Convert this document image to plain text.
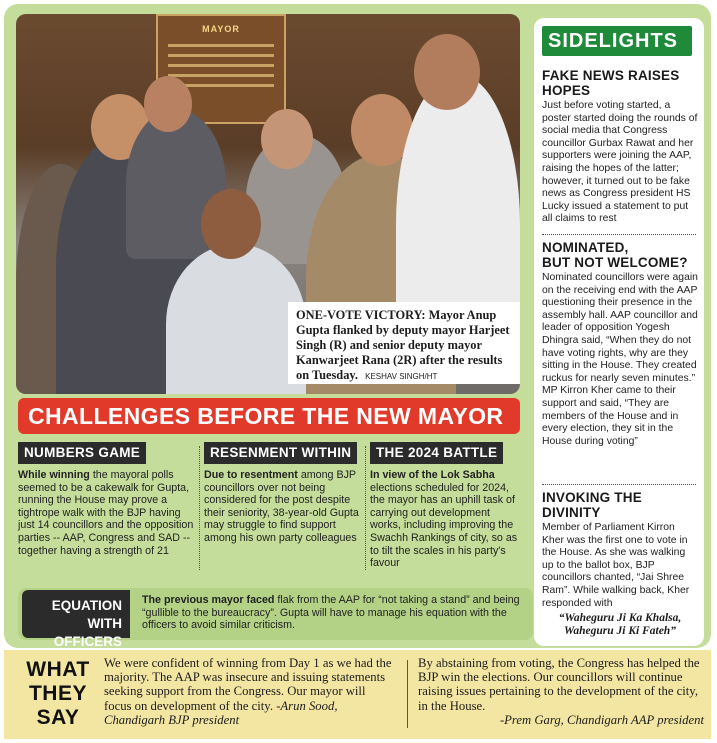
MAYOR
ONE-VOTE VICTORY: Mayor Anup Gupta flanked by deputy mayor Harjeet Singh (R) and senior deputy mayor Kanwarjeet Rana (2R) after the results on Tuesday. KESHAV SINGH/HT
SIDELIGHTS
FAKE NEWS RAISES HOPES
Just before voting started, a poster started doing the rounds of social media that Congress councillor Gurbax Rawat and her supporters were joining the AAP, raising the hopes of the latter; however, it turned out to be fake news as Congress president HS Lucky issued a statement to put all claims to rest
NOMINATED,
BUT NOT WELCOME?
Nominated councillors were again on the receiving end with the AAP questioning their presence in the assembly hall. AAP councillor and leader of opposition Yogesh Dhingra said, “When they do not have voting rights, why are they sitting in the House. They created ruckus for nearly seven minutes.” MP Kirron Kher came to their support and said, “They are members of the House and in every election, they sit in the House during voting”
INVOKING THE DIVINITY
Member of Parliament Kirron Kher was the first one to vote in the House. As she was walking up to the ballot box, BJP councillors chanted, “Jai Shree Ram”. While walking back, Kher responded with
“Waheguru Ji Ka Khalsa, Waheguru Ji Ki Fateh”
CHALLENGES BEFORE THE NEW MAYOR
NUMBERS GAME
While winning the mayoral polls seemed to be a cakewalk for Gupta, running the House may prove a tightrope walk with the BJP having just 14 councillors and the opposition parties -- AAP, Congress and SAD -- together having a strength of 21
RESENMENT WITHIN
Due to resentment among BJP councillors over not being considered for the post despite their seniority, 38-year-old Gupta may struggle to find support among his own party colleagues
THE 2024 BATTLE
In view of the Lok Sabha elections scheduled for 2024, the mayor has an uphill task of carrying out development works, including improving the Swachh Rankings of city, so as to tilt the scales in his party's favour
EQUATION
WITH OFFICERS
The previous mayor faced flak from the AAP for “not taking a stand” and being “gullible to the bureaucracy”. Gupta will have to manage his equation with the officers to avoid similar criticism.
WHAT
THEY SAY
We were confident of winning from Day 1 as we had the majority. The AAP was insecure and issuing statements seeking support from the Congress. Our mayor will focus on development of the city. -Arun Sood, Chandigarh BJP president
By abstaining from voting, the Congress has helped the BJP win the elections. Our councillors will continue raising issues pertaining to the development of the city, in the House.
-Prem Garg, Chandigarh AAP president
